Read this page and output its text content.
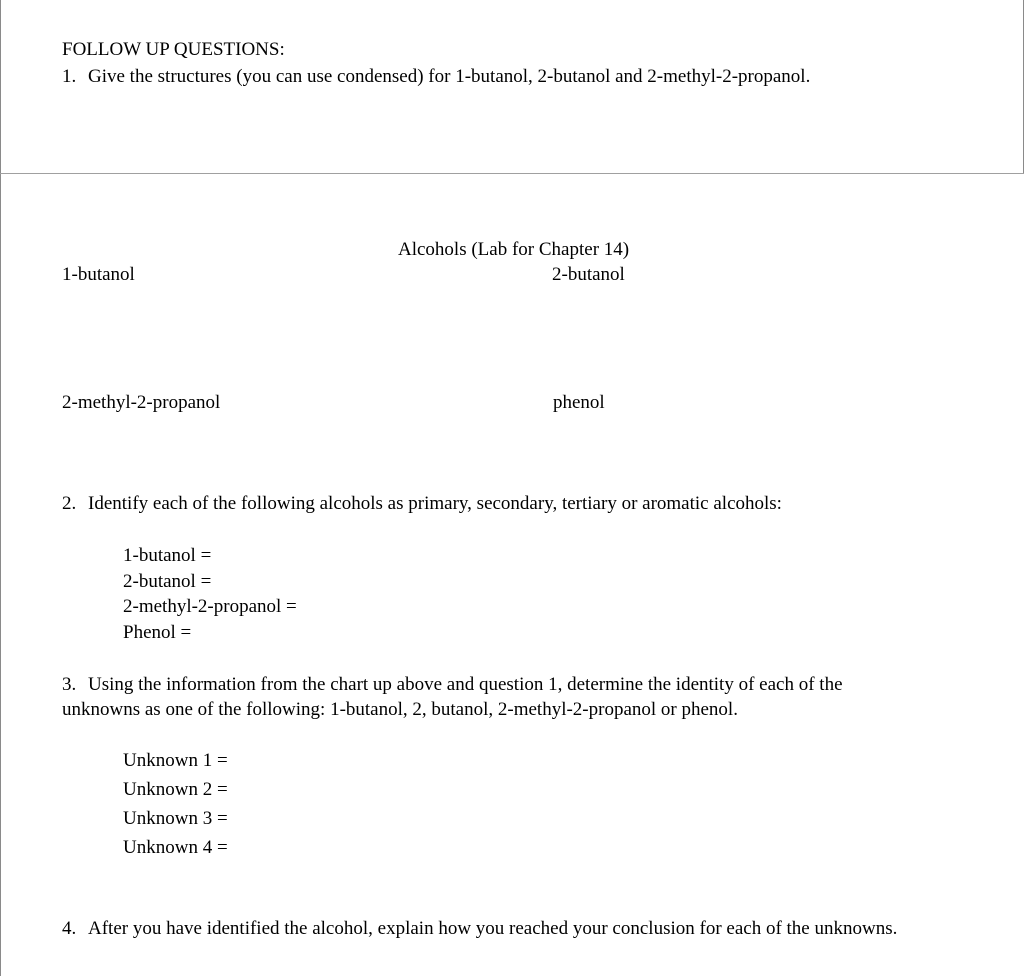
FOLLOW UP QUESTIONS:
1. Give the structures (you can use condensed) for 1-butanol, 2-butanol and 2-methyl-2-propanol.
Alcohols (Lab for Chapter 14)
1-butanol	2-butanol
2-methyl-2-propanol	phenol
2. Identify each of the following alcohols as primary, secondary, tertiary or aromatic alcohols:
1-butanol =
2-butanol =
2-methyl-2-propanol =
Phenol =
3. Using the information from the chart up above and question 1, determine the identity of each of the
unknowns as one of the following: 1-butanol, 2, butanol, 2-methyl-2-propanol or phenol.
Unknown 1 =
Unknown 2 =
Unknown 3 =
Unknown 4 =
4. After you have identified the alcohol, explain how you reached your conclusion for each of the unknowns.
